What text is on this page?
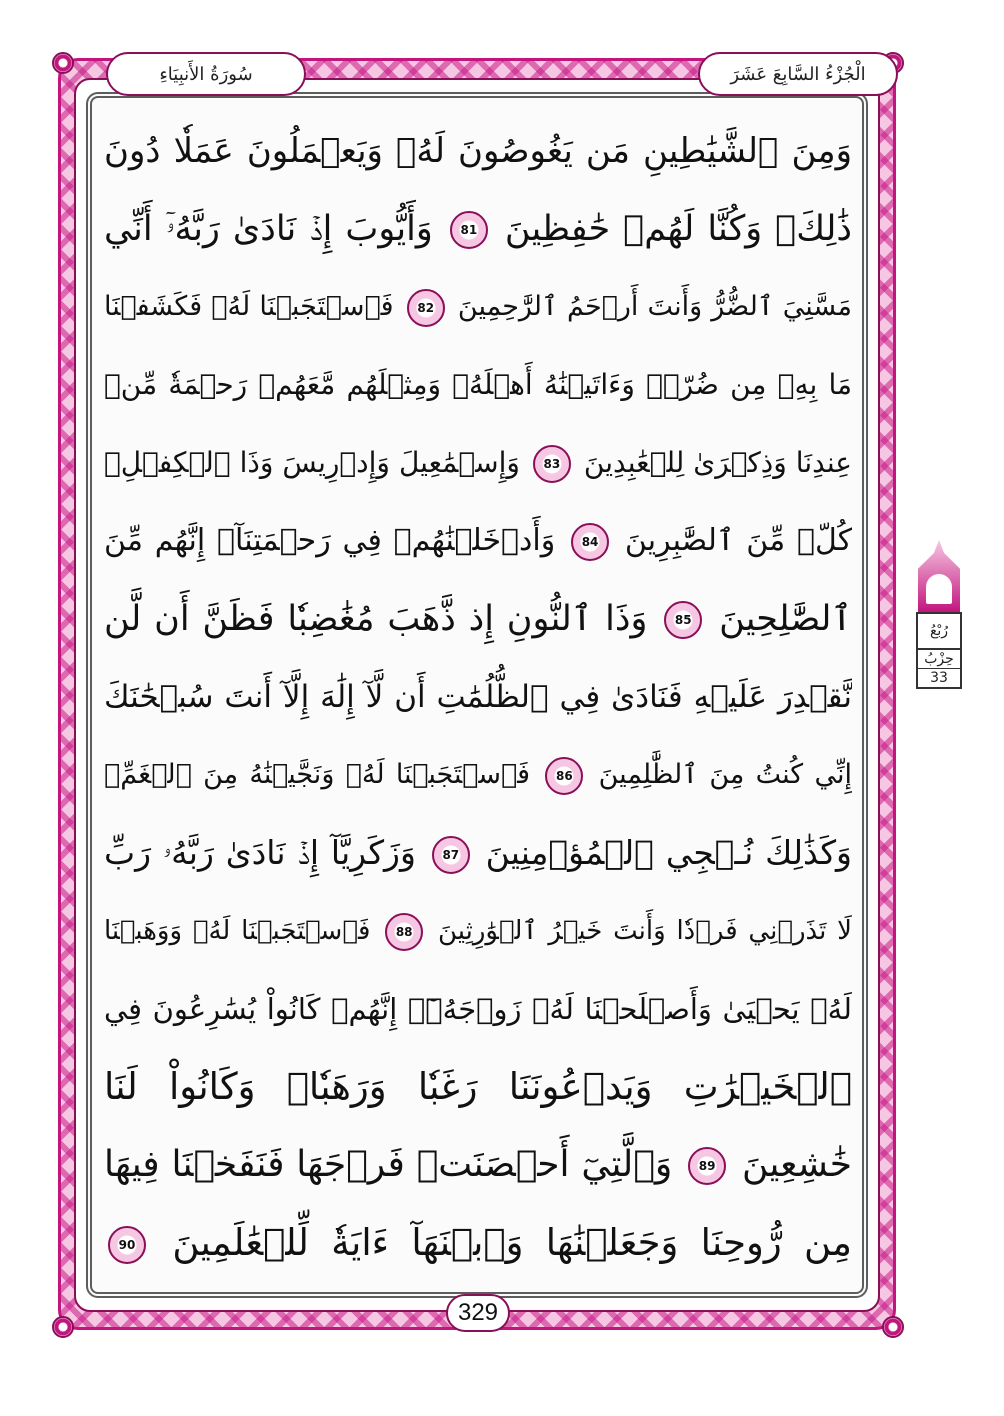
الْجُزْءُ السَّابِعَ عَشَرَ
سُورَةُ الأَنبِيَاءِ
وَمِنَ ٱلشَّيَٰطِينِ مَن يَغُوصُونَ لَهُۥ وَيَعۡمَلُونَ عَمَلٗا دُونَ
ذَٰلِكَۖ وَكُنَّا لَهُمۡ حَٰفِظِينَ 81 وَأَيُّوبَ إِذۡ نَادَىٰ رَبَّهُۥٓ أَنِّي
مَسَّنِيَ ٱلضُّرُّ وَأَنتَ أَرۡحَمُ ٱلرَّٰحِمِينَ 82 فَٱسۡتَجَبۡنَا لَهُۥ فَكَشَفۡنَا
مَا بِهِۦ مِن ضُرّٖۖ وَءَاتَيۡنَٰهُ أَهۡلَهُۥ وَمِثۡلَهُم مَّعَهُمۡ رَحۡمَةٗ مِّنۡ
عِندِنَا وَذِكۡرَىٰ لِلۡعَٰبِدِينَ 83 وَإِسۡمَٰعِيلَ وَإِدۡرِيسَ وَذَا ٱلۡكِفۡلِۖ
كُلّٞ مِّنَ ٱلصَّٰبِرِينَ 84 وَأَدۡخَلۡنَٰهُمۡ فِي رَحۡمَتِنَآۖ إِنَّهُم مِّنَ
ٱلصَّٰلِحِينَ 85 وَذَا ٱلنُّونِ إِذ ذَّهَبَ مُغَٰضِبٗا فَظَنَّ أَن لَّن
نَّقۡدِرَ عَلَيۡهِ فَنَادَىٰ فِي ٱلظُّلُمَٰتِ أَن لَّآ إِلَٰهَ إِلَّآ أَنتَ سُبۡحَٰنَكَ
إِنِّي كُنتُ مِنَ ٱلظَّٰلِمِينَ 86 فَٱسۡتَجَبۡنَا لَهُۥ وَنَجَّيۡنَٰهُ مِنَ ٱلۡغَمِّۚ
وَكَذَٰلِكَ نُـۨجِي ٱلۡمُؤۡمِنِينَ 87 وَزَكَرِيَّآ إِذۡ نَادَىٰ رَبَّهُۥ رَبِّ
لَا تَذَرۡنِي فَرۡدٗا وَأَنتَ خَيۡرُ ٱلۡوَٰرِثِينَ 88 فَٱسۡتَجَبۡنَا لَهُۥ وَوَهَبۡنَا
لَهُۥ يَحۡيَىٰ وَأَصۡلَحۡنَا لَهُۥ زَوۡجَهُۥٓۚ إِنَّهُمۡ كَانُواْ يُسَٰرِعُونَ فِي
ٱلۡخَيۡرَٰتِ وَيَدۡعُونَنَا رَغَبٗا وَرَهَبٗاۖ وَكَانُواْ لَنَا
خَٰشِعِينَ 89 وَٱلَّتِيٓ أَحۡصَنَتۡ فَرۡجَهَا فَنَفَخۡنَا فِيهَا
مِن رُّوحِنَا وَجَعَلۡنَٰهَا وَٱبۡنَهَآ ءَايَةٗ لِّلۡعَٰلَمِينَ 90
رُبْعُ
حِزْبُ
33
329
